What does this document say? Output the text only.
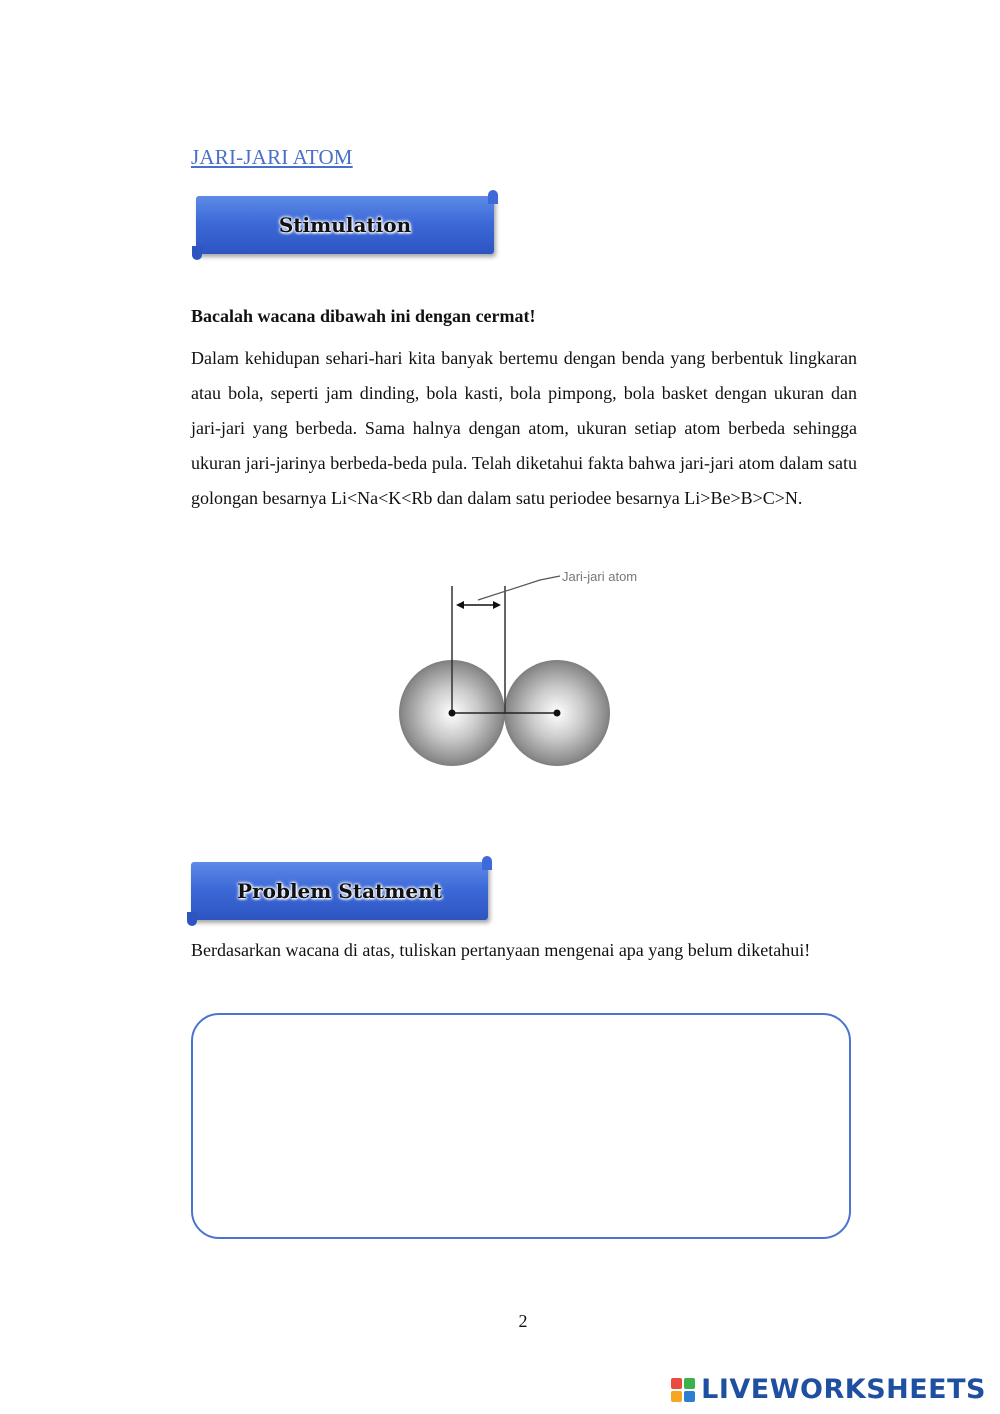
JARI-JARI ATOM
Stimulation
Bacalah wacana dibawah ini dengan cermat!
Dalam kehidupan sehari-hari kita banyak bertemu dengan benda yang berbentuk lingkaran atau bola, seperti jam dinding, bola kasti, bola pimpong, bola basket dengan ukuran dan jari-jari yang berbeda. Sama halnya dengan atom, ukuran setiap atom berbeda sehingga ukuran jari-jarinya berbeda-beda pula. Telah diketahui fakta bahwa jari-jari atom dalam satu golongan besarnya Li<Na<K<Rb dan dalam satu periodee besarnya Li>Be>B>C>N.
Jari-jari atom
Problem Statment
Berdasarkan wacana di atas, tuliskan pertanyaan mengenai apa yang belum diketahui!
2
LIVEWORKSHEETS
